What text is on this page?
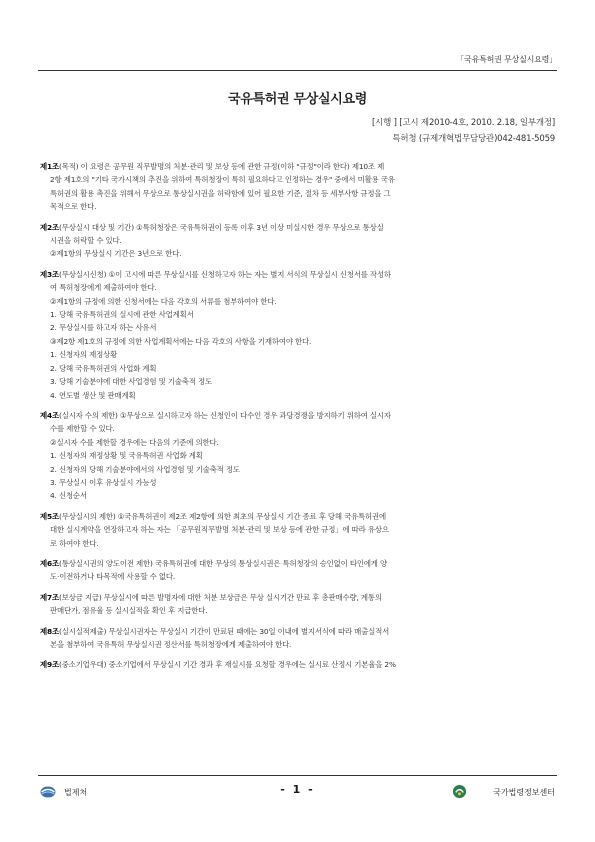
「국유특허권 무상실시요령」
국유특허권 무상실시요령
[시행 ] [고시 제2010-4호, 2010. 2.18, 일부개정]
특허청 (규제개혁법무담당관)042-481-5059
제1조(목적) 이 요령은 공무원 직무발명의 처분·관리 및 보상 등에 관한 규정(이하 "규정"이라 한다) 제10조 제
2항 제1호의 "기타 국가시책의 추진을 위하여 특허청장이 특히 필요하다고 인정하는 경우" 중에서 미활용 국유
특허권의 활용 촉진을 위해서 무상으로 통상실시권을 허락함에 있어 필요한 기준, 절차 등 세부사항 규정을 그
목적으로 한다.
제2조(무상실시 대상 및 기간) ①특허청장은 국유특허권이 등록 이후 3년 이상 미실시한 경우 무상으로 통상실
시권을 허락할 수 있다.
②제1항의 무상실시 기간은 3년으로 한다.
제3조(무상실시신청) ①이 고시에 따른 무상실시를 신청하고자 하는 자는 별지 서식의 무상실시 신청서를 작성하
여 특허청장에게 제출하여야 한다.
②제1항의 규정에 의한 신청서에는 다음 각호의 서류를 첨부하여야 한다.
1. 당해 국유특허권의 실시에 관한 사업계획서
2. 무상실시를 하고자 하는 사유서
③제2항 제1호의 규정에 의한 사업계획서에는 다음 각호의 사항을 기재하여야 한다.
1. 신청자의 재정상황
2. 당해 국유특허권의 사업화 계획
3. 당해 기술분야에 대한 사업경험 및 기술축적 정도
4. 연도별 생산 및 판매계획
제4조(실시자 수의 제한) ①무상으로 실시하고자 하는 신청인이 다수인 경우 과당경쟁을 방지하기 위하여 실시자
수를 제한할 수 있다.
②실시자 수를 제한할 경우에는 다음의 기준에 의한다.
1. 신청자의 재정상황 및 국유특허권 사업화 계획
2. 신청자의 당해 기술분야에서의 사업경험 및 기술축적 정도
3. 무상실시 이후 유상실시 가능성
4. 신청순서
제5조(무상실시의 제한) ①국유특허권이 제2조 제2항에 의한 최초의 무상실시 기간 종료 후 당해 국유특허권에
대한 실시계약을 연장하고자 하는 자는 「공무원직무발명 처분·관리 및 보상 등에 관한 규정」에 따라 유상으
로 하여야 한다.
제6조(통상실시권의 양도이전 제한) 국유특허권에 대한 무상의 통상실시권은 특허청장의 승인없이 타인에게 양
도·이전하거나 타목적에 사용할 수 없다.
제7조(보상금 지급) 무상실시에 따른 발명자에 대한 처분 보상금은 무상 실시기간 만료 후 총판매수량, 계통의
판매단가, 점유율 등 실시실적을 확인 후 지급한다.
제8조(실시실적제출) 무상실시권자는 무상실시 기간이 만료된 때에는 30일 이내에 별지서식에 따라 매출실적서
본을 첨부하여 국유특허 무상실시권 정산서를 특허청장에게 제출하여야 한다.
제9조(중소기업우대) 중소기업에서 무상실시 기간 경과 후 재실시를 요청할 경우에는 실시료 산정시 기본율을 2%
법제처	- 1 -	국가법령정보센터
